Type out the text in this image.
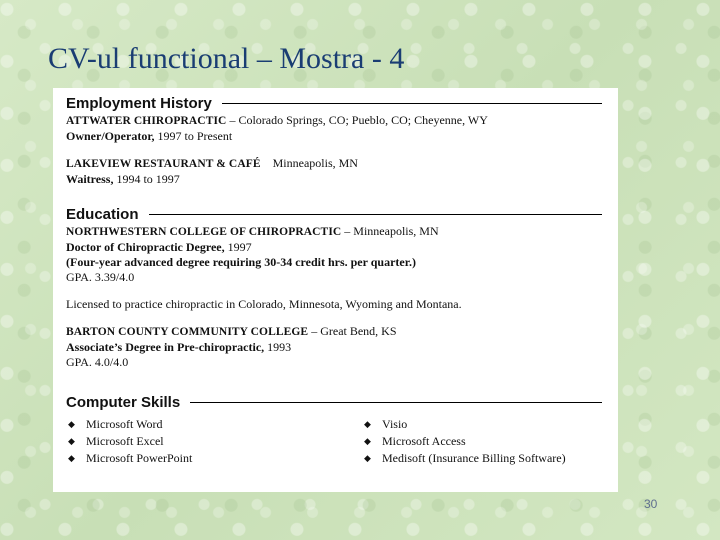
CV-ul functional – Mostra - 4
Employment History

ATTWATER CHIROPRACTIC – Colorado Springs, CO; Pueblo, CO; Cheyenne, WY

Owner/Operator, 1997 to Present

LAKEVIEW RESTAURANT & CAFÉ Minneapolis, MN

Waitress, 1994 to 1997

Education

NORTHWESTERN COLLEGE OF CHIROPRACTIC – Minneapolis, MN

Doctor of Chiropractic Degree, 1997

(Four-year advanced degree requiring 30-34 credit hrs. per quarter.)

GPA. 3.39/4.0

Licensed to practice chiropractic in Colorado, Minnesota, Wyoming and Montana.

BARTON COUNTY COMMUNITY COLLEGE – Great Bend, KS

Associate’s Degree in Pre-chiropractic, 1993

GPA. 4.0/4.0

Computer Skills
◆ Microsoft Word
◆ Microsoft Excel
◆ Microsoft PowerPoint
◆ Visio
◆ Microsoft Access
◆ Medisoft (Insurance Billing Software)
30
